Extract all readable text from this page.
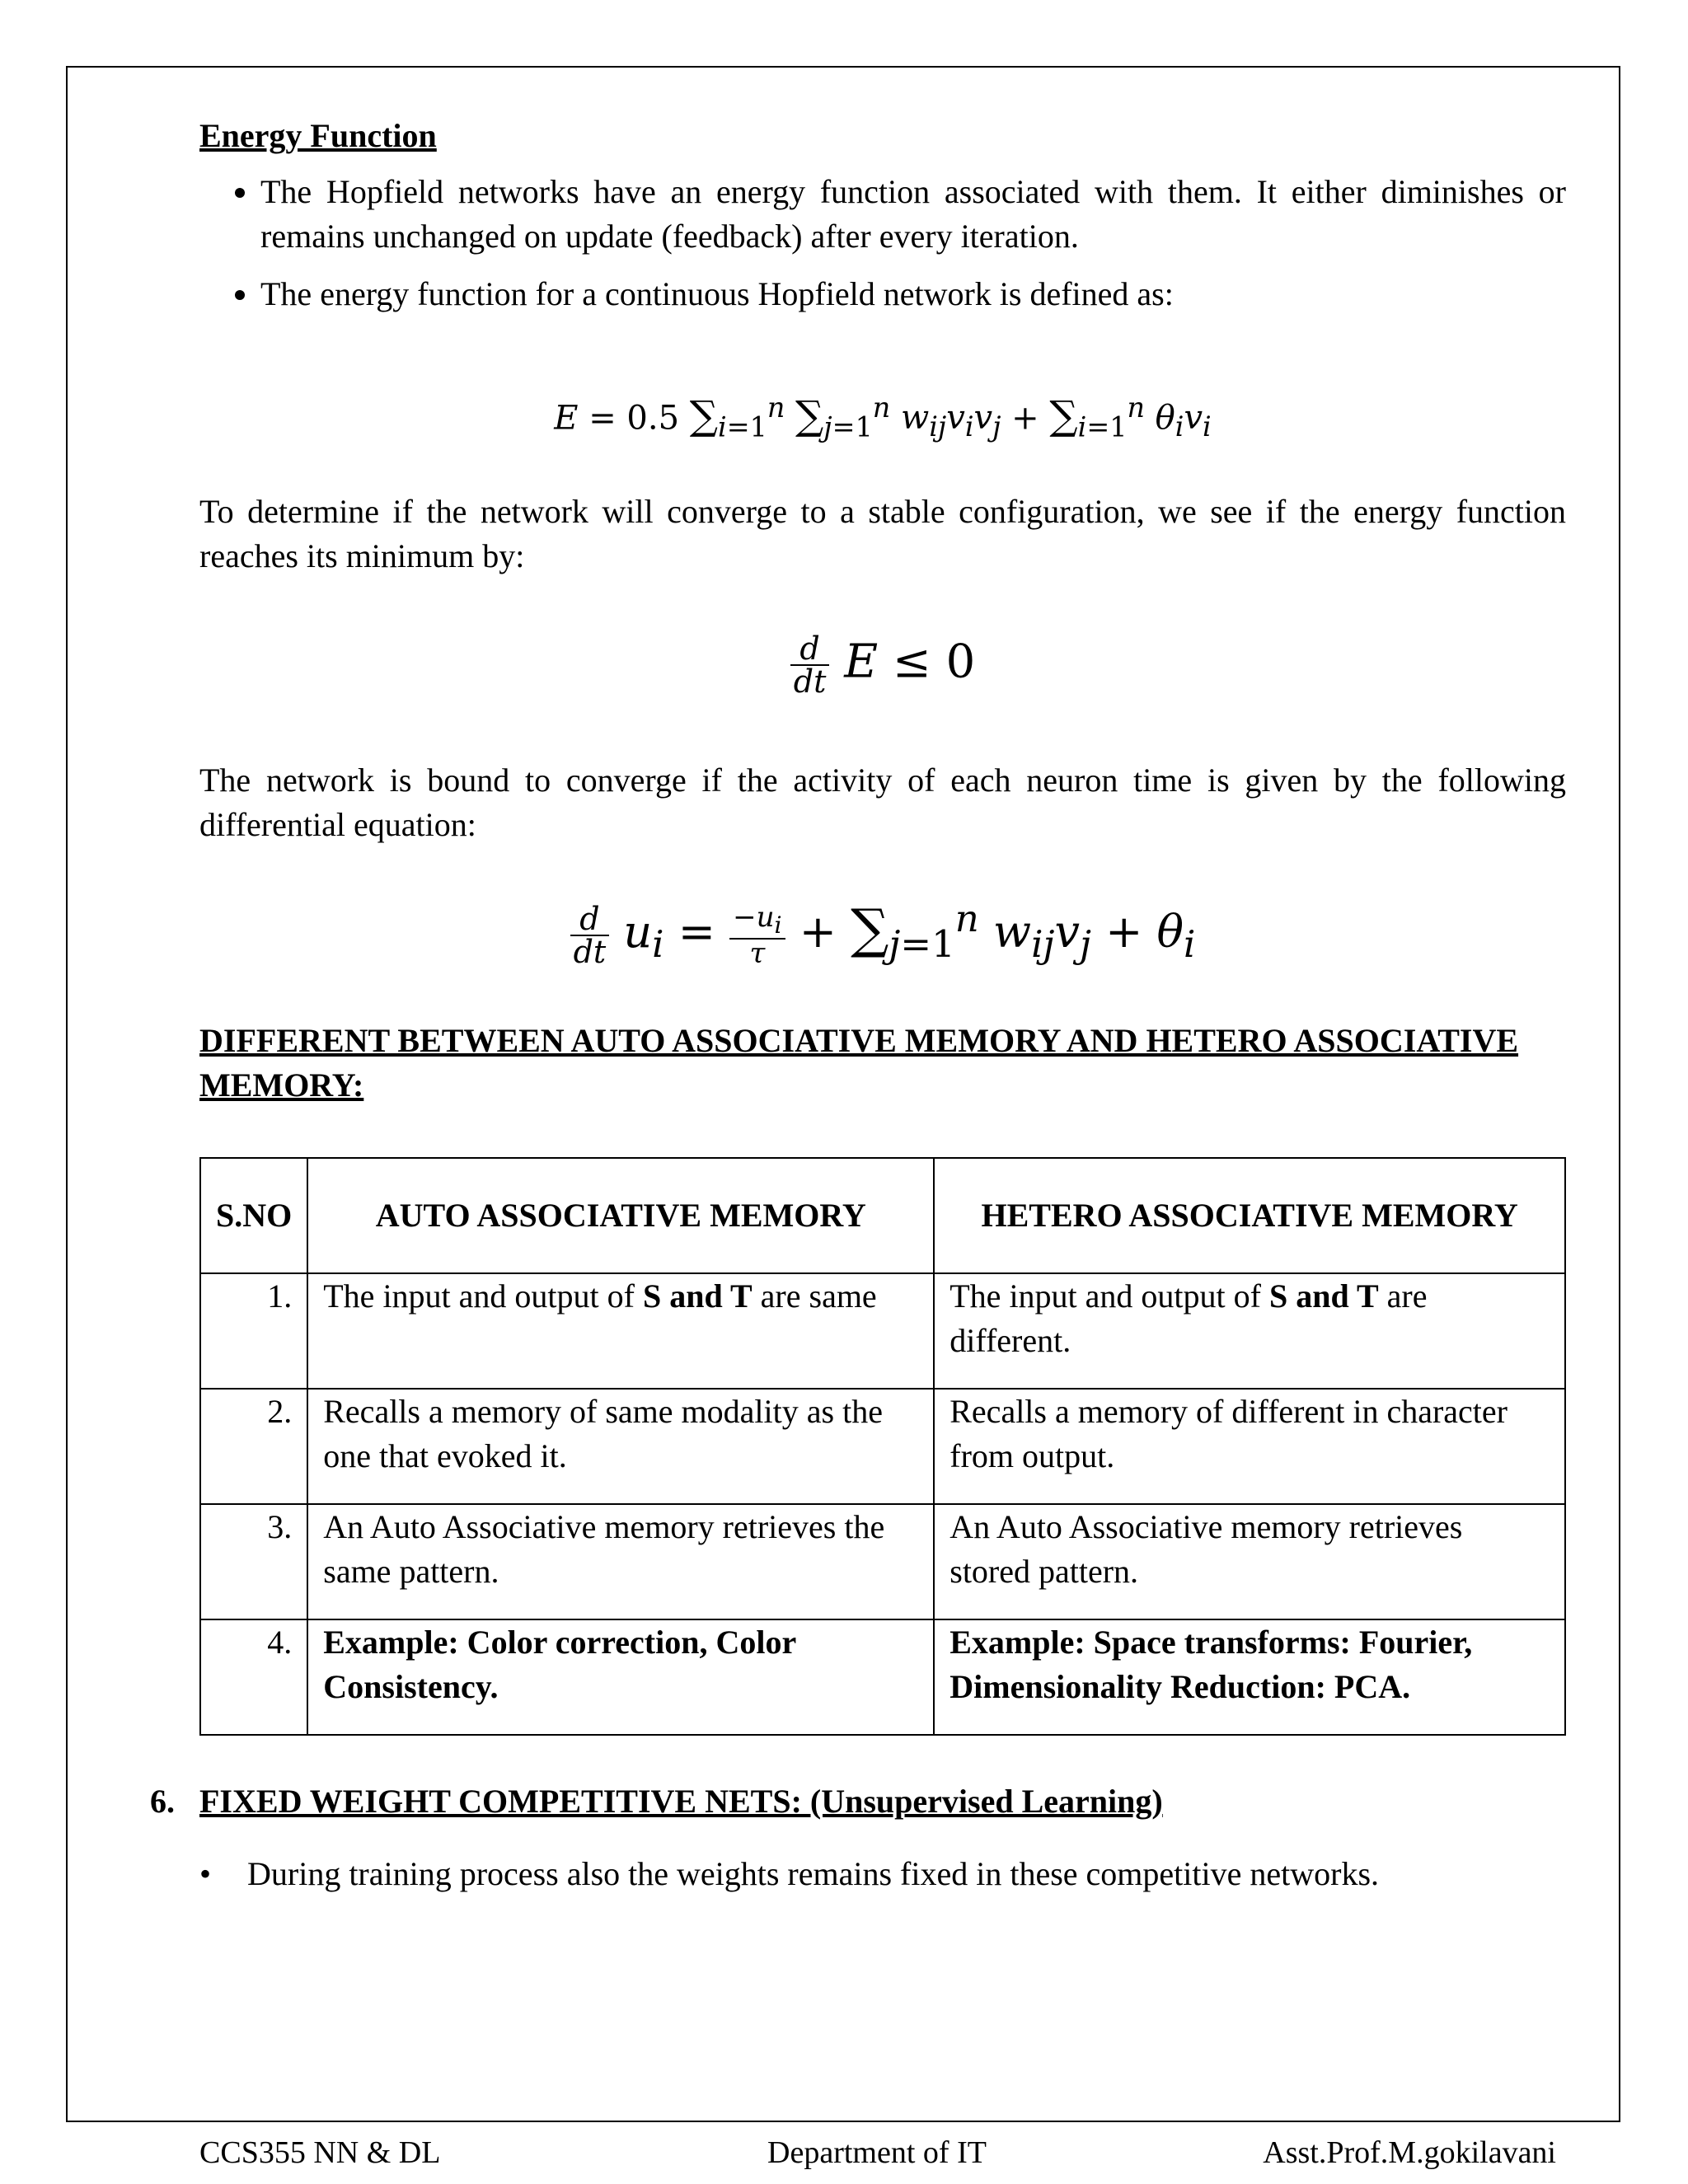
Energy Function
• The Hopfield networks have an energy function associated with them. It either diminishes or remains unchanged on update (feedback) after every iteration.
• The energy function for a continuous Hopfield network is defined as:
E = 0.5 $\sum_{i=1}^n$ $\sum_{j=1}^n$ $w_{ij}v_iv_j + \sum_{i=1}^n$ $\theta_iv_i$

To determine if the network will converge to a stable configuration, we see if the energy function reaches its minimum by:

$\frac{d}{dt}$ E ≤ 0

The network is bound to converge if the activity of each neuron time is given by the following differential equation:

$\frac{d}{dt} u_i = \frac{-u_i}{\tau} + \sum_{j=1}^n$ $w_{ij}v_j + \theta_i$
DIFFERENT BETWEEN AUTO ASSOCIATIVE MEMORY AND HETERO ASSOCIATIVE MEMORY:
S.NO	AUTO ASSOCIATIVE MEMORY	HETERO ASSOCIATIVE MEMORY
1.	The input and output of S and T are same	The input and output of S and T are different.
2.	Recalls a memory of same modality as the one that evoked it.	Recalls a memory of different in character from output.
3.	An Auto Associative memory retrieves the same pattern.	An Auto Associative memory retrieves stored pattern.
4.	Example: Color correction, Color Consistency.	Example: Space transforms: Fourier, Dimensionality Reduction: PCA.
6. FIXED WEIGHT COMPETITIVE NETS: (Unsupervised Learning)
• During training process also the weights remains fixed in these competitive networks.
CCS355 NN & DL	Department of IT	Asst.Prof.M.gokilavani
